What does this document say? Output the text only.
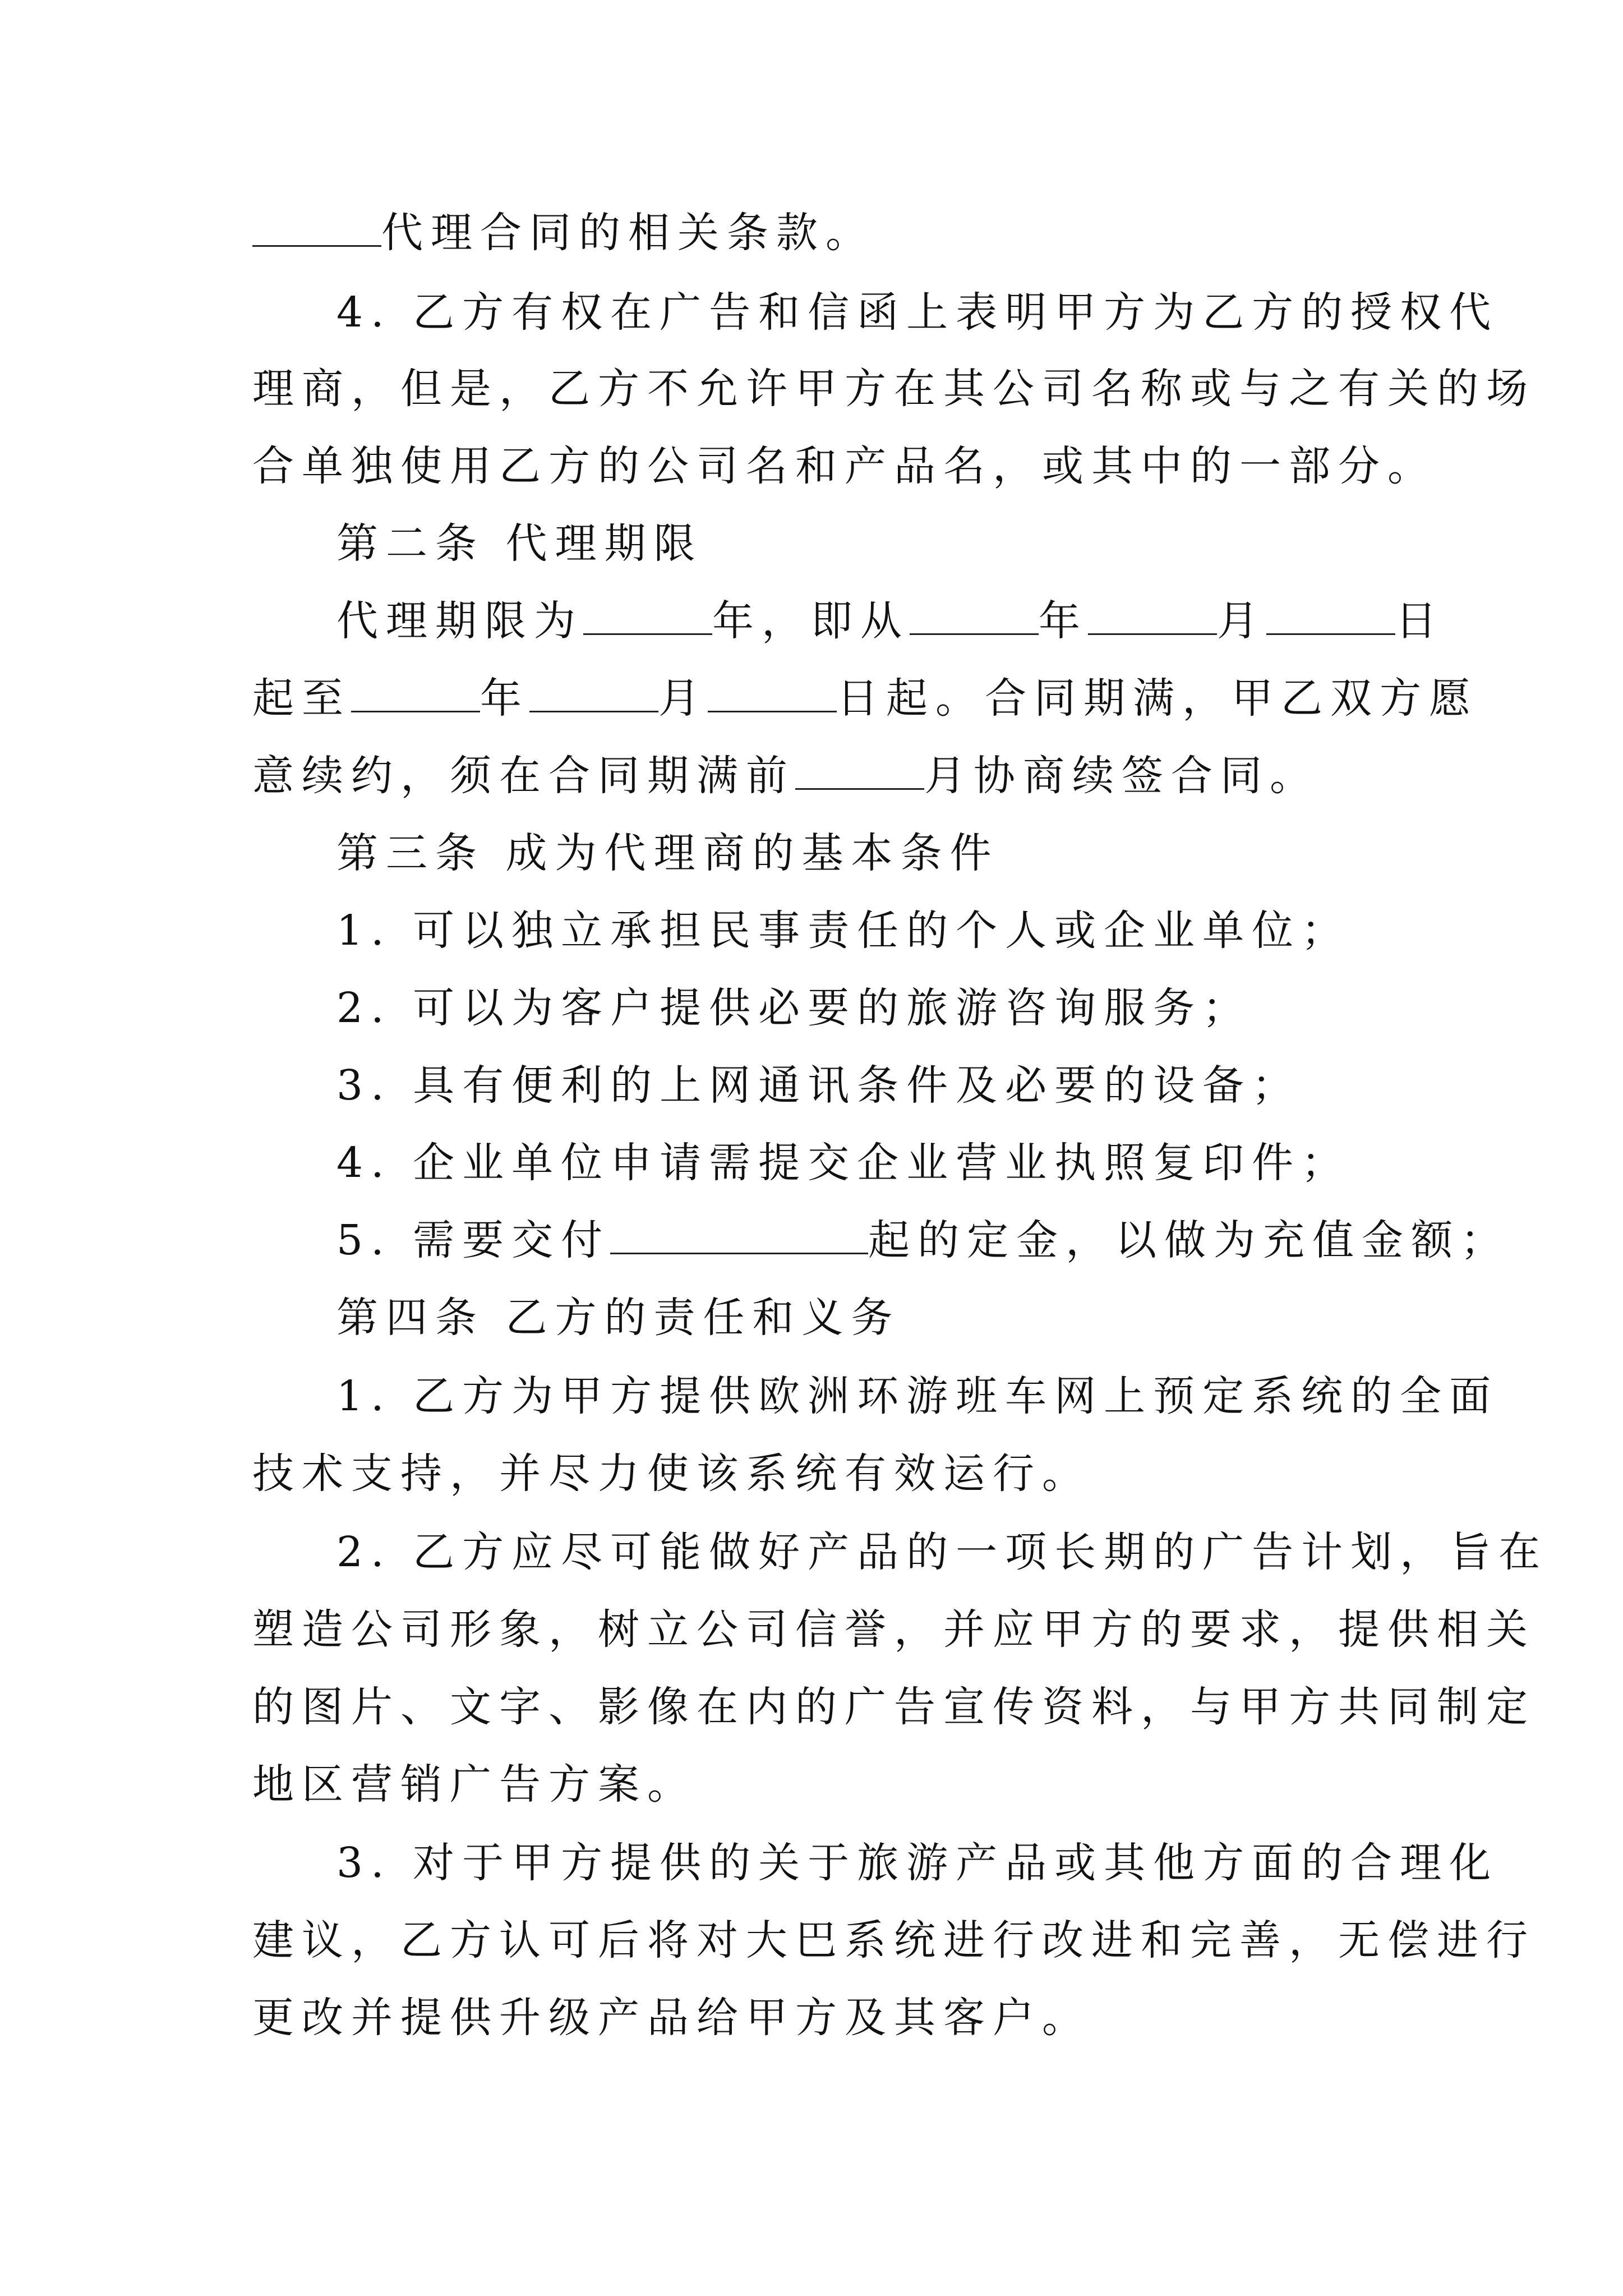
代理合同的相关条款。
4. 乙方有权在广告和信函上表明甲方为乙方的授权代
理商，但是，乙方不允许甲方在其公司名称或与之有关的场
合单独使用乙方的公司名和产品名，或其中的一部分。
第二条 代理期限
代理期限为	年，即从	年	月	日
起至	年	月	日起。合同期满，甲乙双方愿
意续约，须在合同期满前	月协商续签合同。
第三条 成为代理商的基本条件
1. 可以独立承担民事责任的个人或企业单位；
2. 可以为客户提供必要的旅游咨询服务；
3. 具有便利的上网通讯条件及必要的设备；
4. 企业单位申请需提交企业营业执照复印件；
5. 需要交付	起的定金，以做为充值金额；
第四条 乙方的责任和义务
1. 乙方为甲方提供欧洲环游班车网上预定系统的全面
技术支持，并尽力使该系统有效运行。
2. 乙方应尽可能做好产品的一项长期的广告计划，旨在
塑造公司形象，树立公司信誉，并应甲方的要求，提供相关
的图片、文字、影像在内的广告宣传资料，与甲方共同制定
地区营销广告方案。
3. 对于甲方提供的关于旅游产品或其他方面的合理化
建议，乙方认可后将对大巴系统进行改进和完善，无偿进行
更改并提供升级产品给甲方及其客户。
